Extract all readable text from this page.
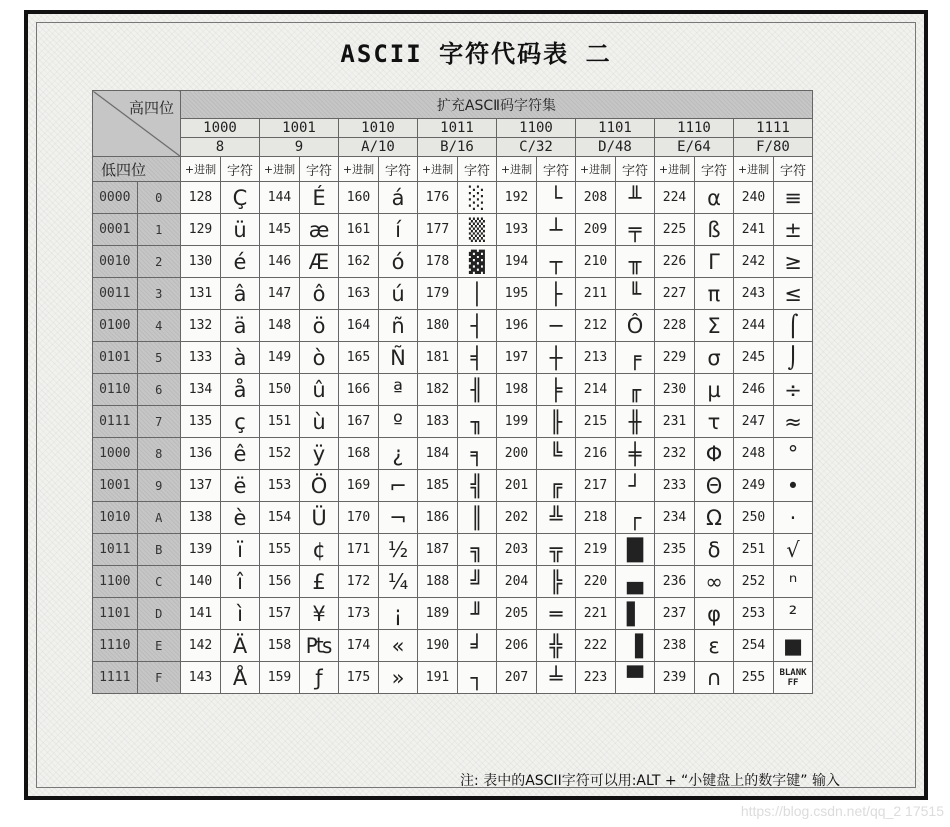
ASCII 字符代码表 二
高四位		扩充ASCⅡ码字符集															
		1000		1001		1010		1011		1100		1101		1110		1111	
		8		9		A/10		B/16		C/32		D/48		E/64		F/80	
低四位		+进制	字符	+进制	字符	+进制	字符	+进制	字符	+进制	字符	+进制	字符	+进制	字符	+进制	字符
0000	0	128	Ç	144	É	160	á	176	░	192	└	208	╨	224	α	240	≡
0001	1	129	ü	145	æ	161	í	177	▒	193	┴	209	╤	225	ß	241	±
0010	2	130	é	146	Æ	162	ó	178	▓	194	┬	210	╥	226	Γ	242	≥
0011	3	131	â	147	ô	163	ú	179	│	195	├	211	╙	227	π	243	≤
0100	4	132	ä	148	ö	164	ñ	180	┤	196	─	212	Ô	228	Σ	244	⌠
0101	5	133	à	149	ò	165	Ñ	181	╡	197	┼	213	╒	229	σ	245	⌡
0110	6	134	å	150	û	166	ª	182	╢	198	╞	214	╓	230	µ	246	÷
0111	7	135	ç	151	ù	167	º	183	╖	199	╟	215	╫	231	τ	247	≈
1000	8	136	ê	152	ÿ	168	¿	184	╕	200	╚	216	╪	232	Φ	248	°
1001	9	137	ë	153	Ö	169	⌐	185	╣	201	╔	217	┘	233	Θ	249	•
1010	A	138	è	154	Ü	170	¬	186	║	202	╩	218	┌	234	Ω	250	·
1011	B	139	ï	155	¢	171	½	187	╗	203	╦	219	█	235	δ	251	√
1100	C	140	î	156	£	172	¼	188	╝	204	╠	220	▄	236	∞	252	ⁿ
1101	D	141	ì	157	¥	173	¡	189	╜	205	═	221	▌	237	φ	253	²
1110	E	142	Ä	158	₧	174	«	190	╛	206	╬	222	▐	238	ε	254	■
1111	F	143	Å	159	ƒ	175	»	191	┐	207	╧	223	▀	239	∩	255	BLANK FF
注: 表中的ASCII字符可以用:ALT + “小键盘上的数字键” 输入
https://blog.csdn.net/qq_2 17515
